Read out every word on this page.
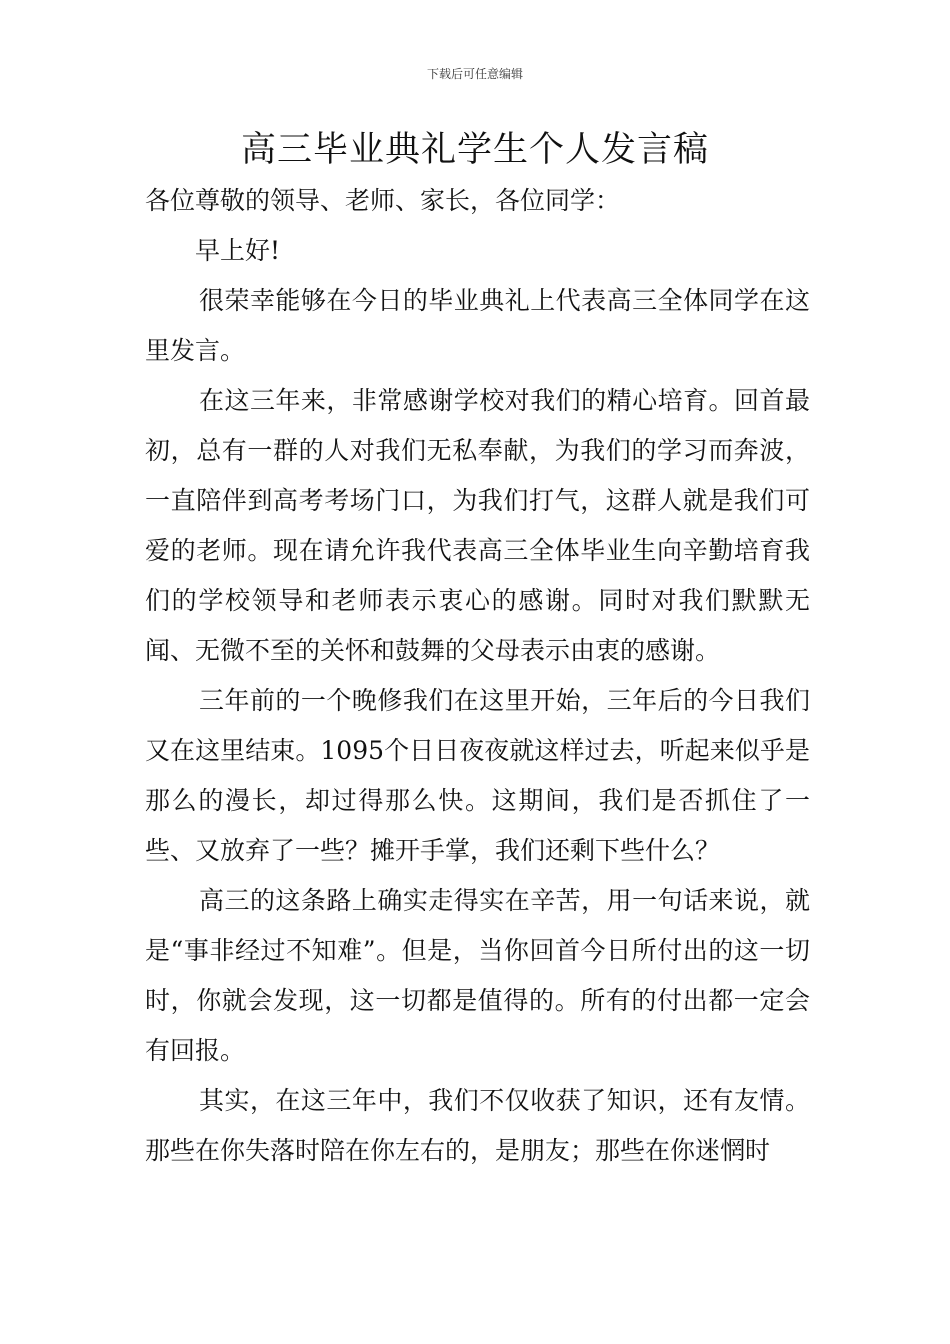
下载后可任意编辑
高三毕业典礼学生个人发言稿

各位尊敬的领导、老师、家长，各位同学：

早上好!

很荣幸能够在今日的毕业典礼上代表高三全体同学在这里发言。

在这三年来，非常感谢学校对我们的精心培育。回首最初，总有一群的人对我们无私奉献，为我们的学习而奔波，一直陪伴到高考考场门口，为我们打气，这群人就是我们可爱的老师。现在请允许我代表高三全体毕业生向辛勤培育我们的学校领导和老师表示衷心的感谢。同时对我们默默无闻、无微不至的关怀和鼓舞的父母表示由衷的感谢。

三年前的一个晚修我们在这里开始，三年后的今日我们又在这里结束。1095个日日夜夜就这样过去，听起来似乎是那么的漫长，却过得那么快。这期间，我们是否抓住了一些、又放弃了一些？摊开手掌，我们还剩下些什么？

高三的这条路上确实走得实在辛苦，用一句话来说，就是“事非经过不知难”。但是，当你回首今日所付出的这一切时，你就会发现，这一切都是值得的。所有的付出都一定会有回报。

其实，在这三年中，我们不仅收获了知识，还有友情。那些在你失落时陪在你左右的，是朋友；那些在你迷惘时
